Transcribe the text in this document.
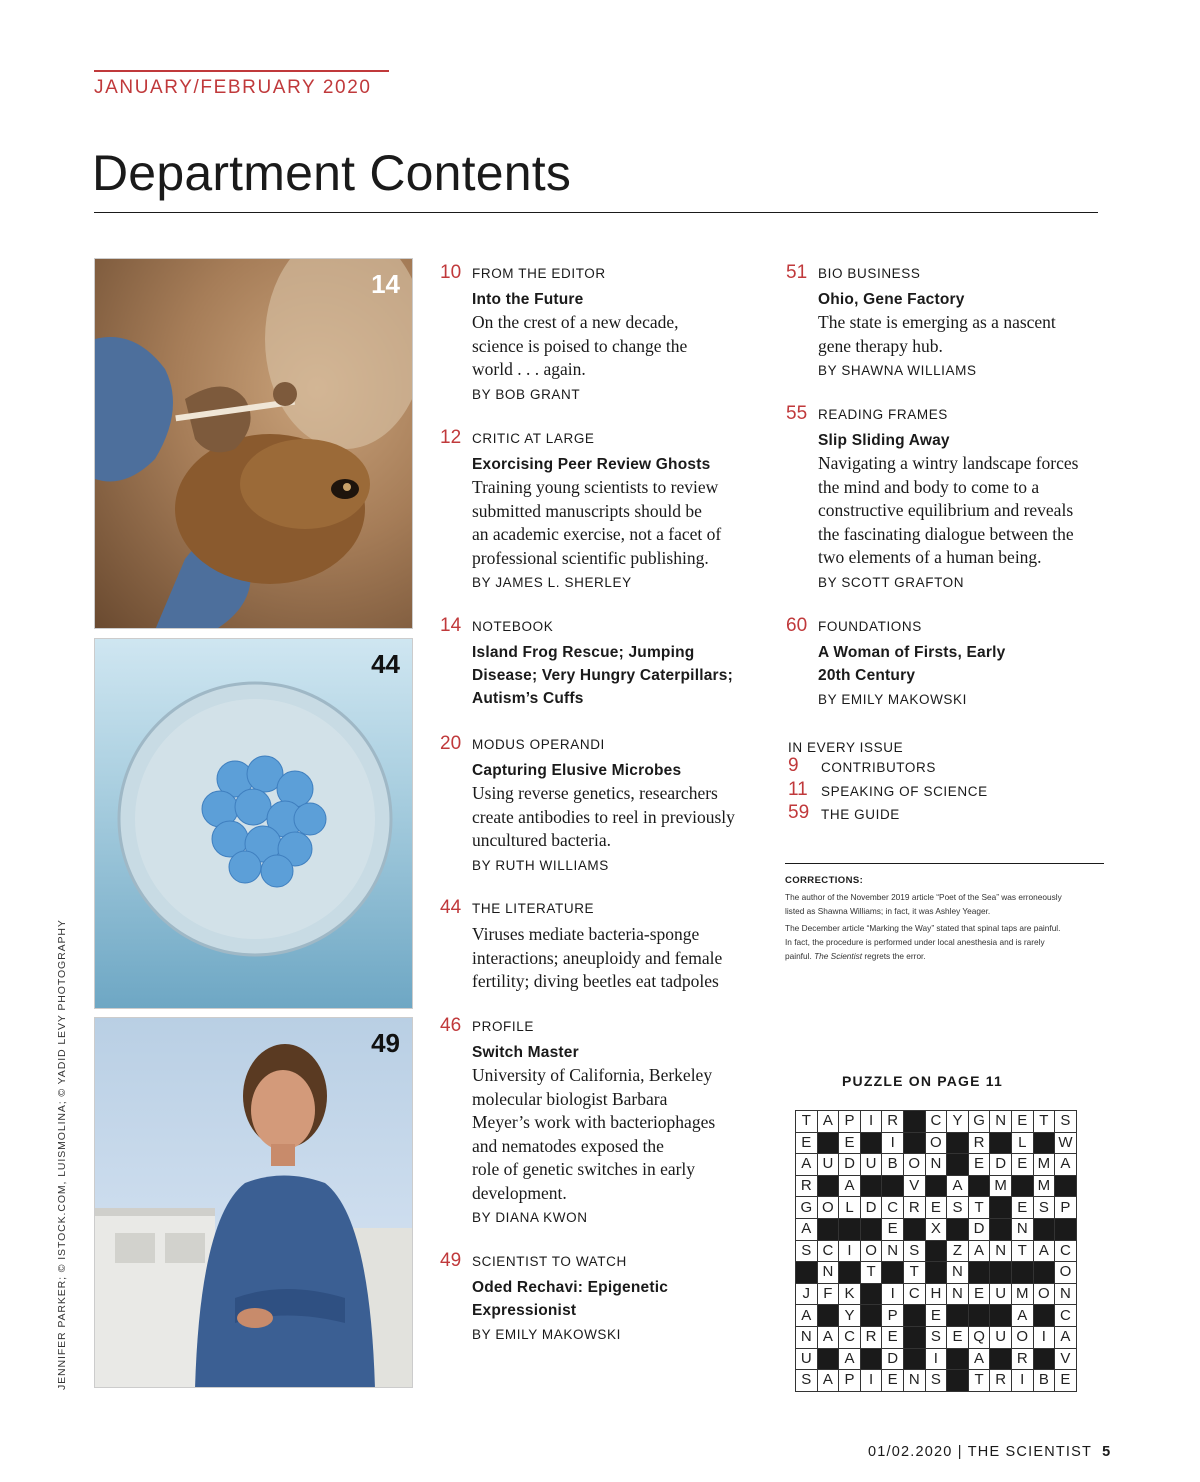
JANUARY/FEBRUARY 2020
Department Contents
JENNIFER PARKER; © ISTOCK.COM, LUISMOLINA; © YADID LEVY PHOTOGRAPHY
14
44
49
10 FROM THE EDITOR
Into the Future
On the crest of a new decade,
science is poised to change the
world . . . again.
BY BOB GRANT
12 CRITIC AT LARGE
Exorcising Peer Review Ghosts
Training young scientists to review
submitted manuscripts should be
an academic exercise, not a facet of
professional scientific publishing.
BY JAMES L. SHERLEY
14 NOTEBOOK
Island Frog Rescue; Jumping
Disease; Very Hungry Caterpillars;
Autism’s Cuffs
20 MODUS OPERANDI
Capturing Elusive Microbes
Using reverse genetics, researchers
create antibodies to reel in previously
uncultured bacteria.
BY RUTH WILLIAMS
44 THE LITERATURE
Viruses mediate bacteria-sponge
interactions; aneuploidy and female
fertility; diving beetles eat tadpoles
46 PROFILE
Switch Master
University of California, Berkeley
molecular biologist Barbara
Meyer’s work with bacteriophages
and nematodes exposed the
role of genetic switches in early
development.
BY DIANA KWON
49 SCIENTIST TO WATCH
Oded Rechavi: Epigenetic
Expressionist
BY EMILY MAKOWSKI
51 BIO BUSINESS
Ohio, Gene Factory
The state is emerging as a nascent
gene therapy hub.
BY SHAWNA WILLIAMS
55 READING FRAMES
Slip Sliding Away
Navigating a wintry landscape forces
the mind and body to come to a
constructive equilibrium and reveals
the fascinating dialogue between the
two elements of a human being.
BY SCOTT GRAFTON
60 FOUNDATIONS
A Woman of Firsts, Early
20th Century
BY EMILY MAKOWSKI
IN EVERY ISSUE
9 CONTRIBUTORS
11 SPEAKING OF SCIENCE
59 THE GUIDE
CORRECTIONS:

The author of the November 2019 article “Poet of the Sea” was erroneously
listed as Shawna Williams; in fact, it was Ashley Yeager.

The December article “Marking the Way” stated that spinal taps are painful.
In fact, the procedure is performed under local anesthesia and is rarely
painful. The Scientist regrets the error.

PUZZLE ON PAGE 11
T	A	P	I	R		C	Y	G	N	E	T	S
E		E		I		O		R		L		W
A	U	D	U	B	O	N		E	D	E	M	A
R		A			V		A		M		M	
G	O	L	D	C	R	E	S	T		E	S	P
A				E		X		D		N		
S	C	I	O	N	S		Z	A	N	T	A	C
	N		T		T		N					O
J	F	K		I	C	H	N	E	U	M	O	N
A		Y		P		E				A		C
N	A	C	R	E		S	E	Q	U	O	I	A
U		A		D		I		A		R		V
S	A	P	I	E	N	S		T	R	I	B	E
01/02.2020 | THE SCIENTIST 5
